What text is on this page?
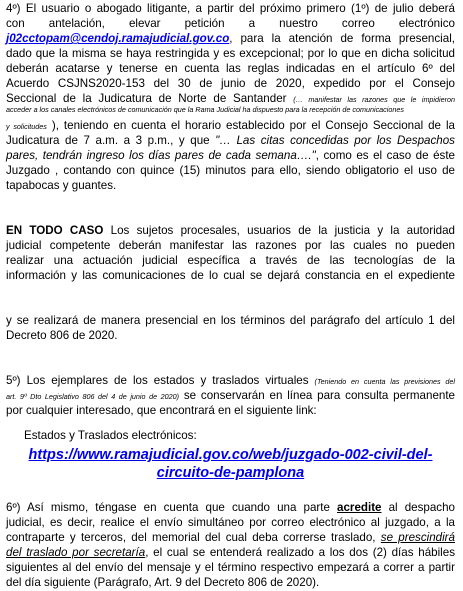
4º) El usuario o abogado litigante, a partir del próximo primero (1º) de julio deberá
con antelación, elevar petición a nuestro correo electrónico
j02cctopam@cendoj.ramajudicial.gov.co, para la atención de forma presencial,
dado que la misma se haya restringida y es excepcional; por lo que en dicha solicitud
deberán acatarse y tenerse en cuenta las reglas indicadas en el artículo 6º del
Acuerdo CSJNS2020-153 del 30 de junio de 2020, expedido por el Consejo
Seccional de la Judicatura de Norte de Santander (… manifestar las razones que le impidieron
acceder a los canales electrónicos de comunicación que la Rama Judicial ha dispuesto para la recepción de comunicaciones
y solicitudes ), teniendo en cuenta el horario establecido por el Consejo Seccional de la
Judicatura de 7 a.m. a 3 p.m., y que "… Las citas concedidas por los Despachos
pares, tendrán ingreso los días pares de cada semana….", como es el caso de éste
Juzgado , contando con quince (15) minutos para ello, siendo obligatorio el uso de
tapabocas y guantes.
EN TODO CASO Los sujetos procesales, usuarios de la justicia y la autoridad
judicial competente deberán manifestar las razones por las cuales no pueden
realizar una actuación judicial específica a través de las tecnologías de la
información y las comunicaciones de lo cual se dejará constancia en el expediente
y se realizará de manera presencial en los términos del parágrafo del artículo 1 del
Decreto 806 de 2020.
5º) Los ejemplares de los estados y traslados virtuales (Teniendo en cuenta las previsiones del
art. 9º Dto Legislativo 806 del 4 de junio de 2020) se conservarán en línea para consulta permanente
por cualquier interesado, que encontrará en el siguiente link:
Estados y Traslados electrónicos:
https://www.ramajudicial.gov.co/web/juzgado-002-civil-del-
circuito-de-pamplona
6º) Así mismo, téngase en cuenta que cuando una parte acredite al despacho
judicial, es decir, realice el envío simultáneo por correo electrónico al juzgado, a la
contraparte y terceros, del memorial del cual deba correrse traslado, se prescindirá
del traslado por secretaría, el cual se entenderá realizado a los dos (2) días hábiles
siguientes al del envío del mensaje y el término respectivo empezará a correr a partir
del día siguiente (Parágrafo, Art. 9 del Decreto 806 de 2020).
